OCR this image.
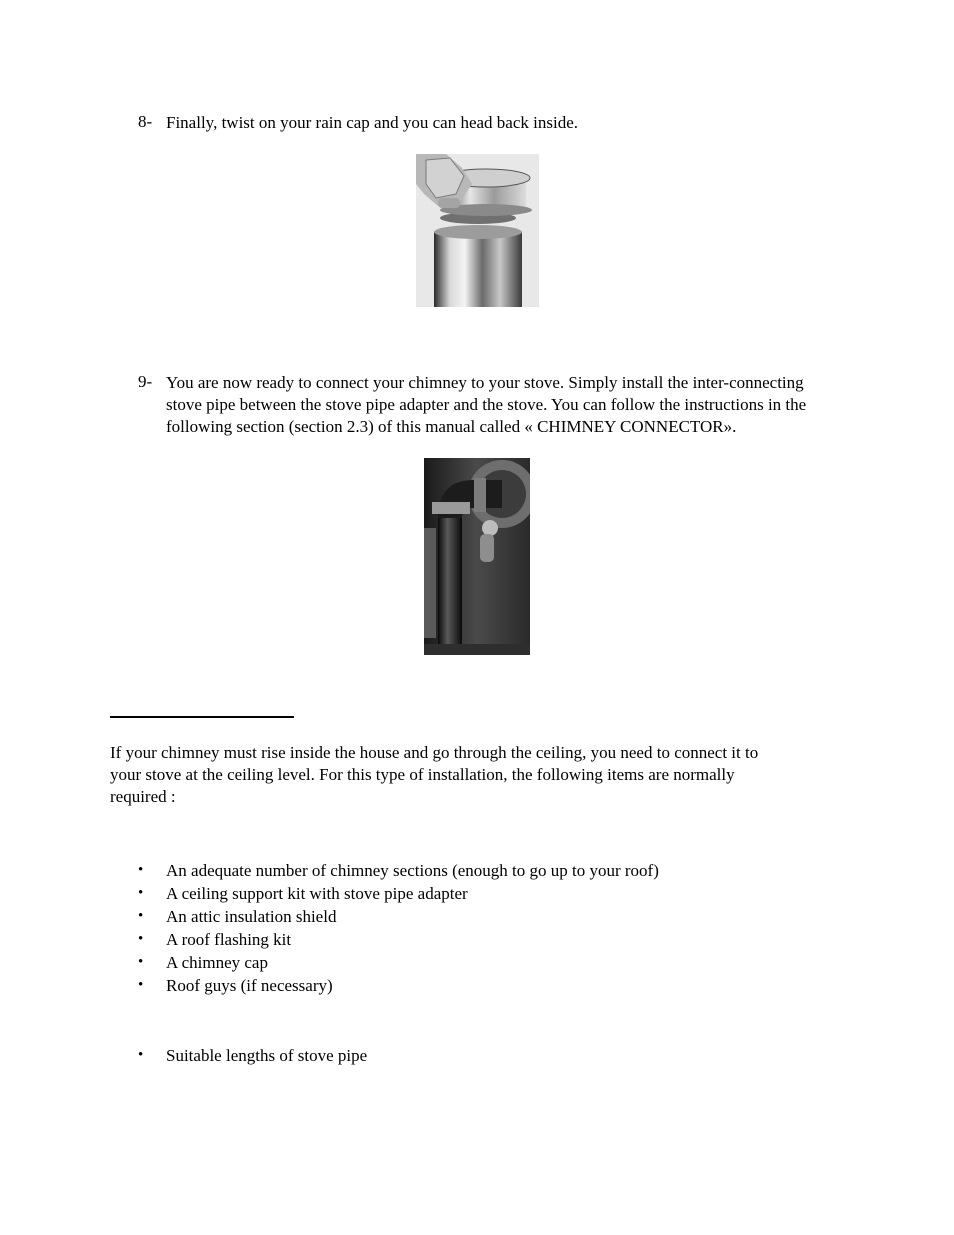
8- Finally, twist on your rain cap and you can head back inside.
9- You are now ready to connect your chimney to your stove. Simply install the inter-connecting
stove pipe between the stove pipe adapter and the stove. You can follow the instructions in the
following section (section 2.3) of this manual called « CHIMNEY CONNECTOR».
If your chimney must rise inside the house and go through the ceiling, you need to connect it to
your stove at the ceiling level. For this type of installation, the following items are normally
required :
• An adequate number of chimney sections (enough to go up to your roof)
• A ceiling support kit with stove pipe adapter
• An attic insulation shield
• A roof flashing kit
• A chimney cap
• Roof guys (if necessary)
• Suitable lengths of stove pipe
